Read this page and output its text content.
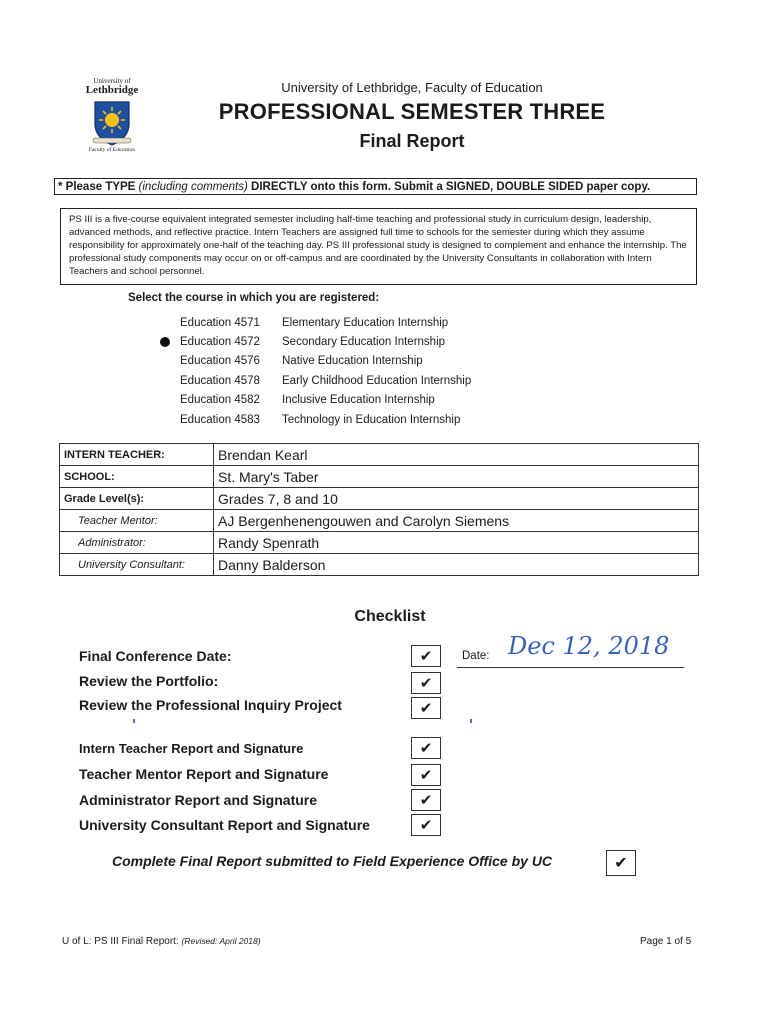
University of
Lethbridge
Faculty of Education
University of Lethbridge, Faculty of Education
PROFESSIONAL SEMESTER THREE
Final Report
* Please TYPE (including comments) DIRECTLY onto this form. Submit a SIGNED, DOUBLE SIDED paper copy.
PS III is a five-course equivalent integrated semester including half-time teaching and professional study in curriculum design, leadership, advanced methods, and reflective practice. Intern Teachers are assigned full time to schools for the semester during which they assume responsibility for approximately one-half of the teaching day. PS III professional study is designed to complement and enhance the internship. The professional study components may occur on or off-campus and are coordinated by the University Consultants in collaboration with Intern Teachers and school personnel.
Select the course in which you are registered:
Education 4571	Elementary Education Internship
Education 4572	Secondary Education Internship
Education 4576	Native Education Internship
Education 4578	Early Childhood Education Internship
Education 4582	Inclusive Education Internship
Education 4583	Technology in Education Internship
INTERN TEACHER:	Brendan Kearl
SCHOOL:	St. Mary's Taber
Grade Level(s):	Grades 7, 8 and 10
Teacher Mentor:	AJ Bergenhenengouwen and Carolyn Siemens
Administrator:	Randy Spenrath
University Consultant:	Danny Balderson
Checklist
Final Conference Date:	✔	Date: Dec 12, 2018
Review the Portfolio:	✔
Review the Professional Inquiry Project	✔
Intern Teacher Report and Signature	✔
Teacher Mentor Report and Signature	✔
Administrator Report and Signature	✔
University Consultant Report and Signature	✔
Complete Final Report submitted to Field Experience Office by UC	✔
U of L: PS III Final Report: (Revised: April 2018)	Page 1 of 5
